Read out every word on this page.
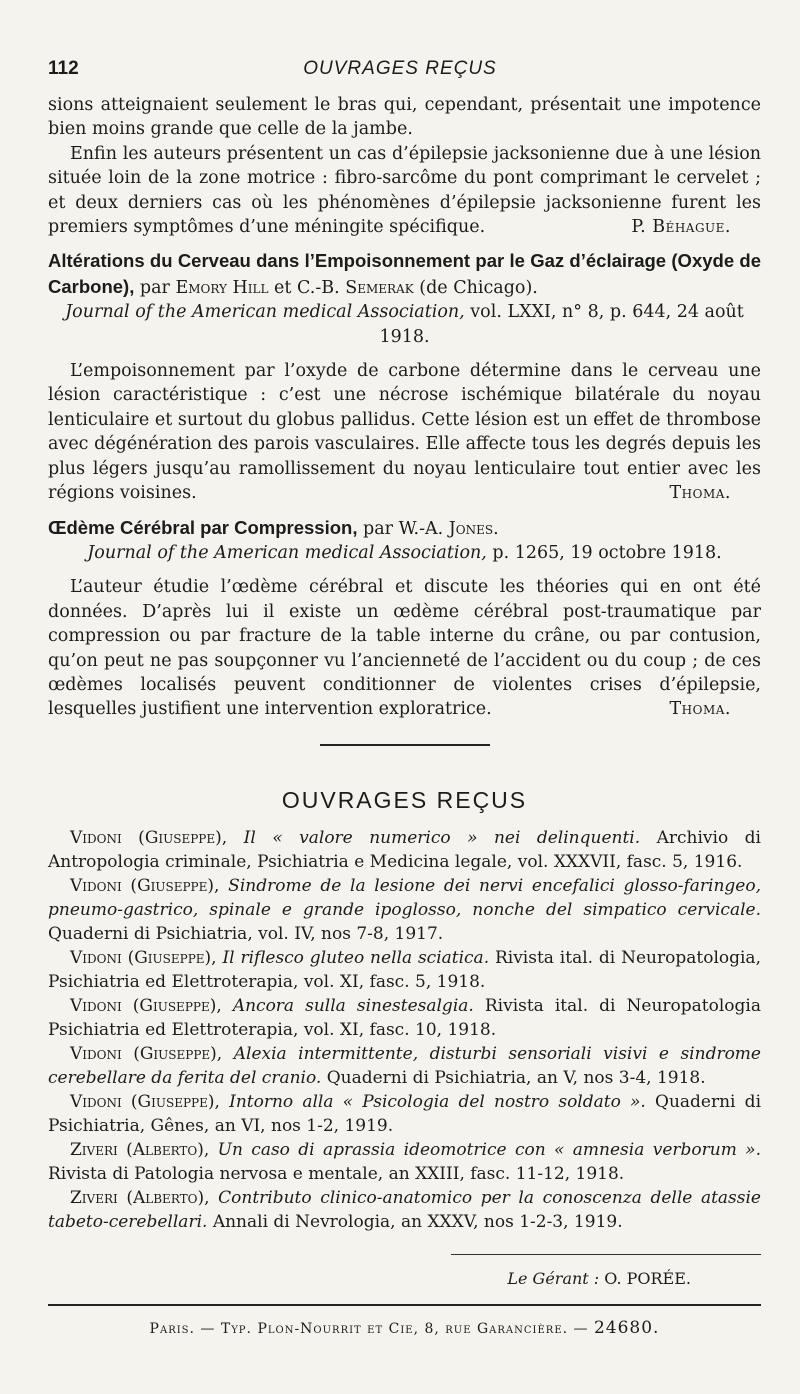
112	OUVRAGES REÇUS

sions atteignaient seulement le bras qui, cependant, présentait une impotence bien moins grande que celle de la jambe.

Enfin les auteurs présentent un cas d’épilepsie jacksonienne due à une lésion située loin de la zone motrice : fibro-sarcôme du pont comprimant le cervelet ; et deux derniers cas où les phénomènes d’épilepsie jacksonienne furent les premiers symptômes d’une méningite spécifique.	P. Béhague.

Altérations du Cerveau dans l’Empoisonnement par le Gaz d’éclairage (Oxyde de Carbone), par Emory Hill et C.-B. Semerak (de Chicago).

Journal of the American medical Association, vol. LXXI, n° 8, p. 644, 24 août 1918.

L’empoisonnement par l’oxyde de carbone détermine dans le cerveau une lésion caractéristique : c’est une nécrose ischémique bilatérale du noyau lenticulaire et surtout du globus pallidus. Cette lésion est un effet de thrombose avec dégénération des parois vasculaires. Elle affecte tous les degrés depuis les plus légers jusqu’au ramollissement du noyau lenticulaire tout entier avec les régions voisines.	Thoma.

Œdème Cérébral par Compression, par W.-A. Jones.

Journal of the American medical Association, p. 1265, 19 octobre 1918.

L’auteur étudie l’œdème cérébral et discute les théories qui en ont été données. D’après lui il existe un œdème cérébral post-traumatique par compression ou par fracture de la table interne du crâne, ou par contusion, qu’on peut ne pas soupçonner vu l’ancienneté de l’accident ou du coup ; de ces œdèmes localisés peuvent conditionner de violentes crises d’épilepsie, lesquelles justifient une intervention exploratrice.	Thoma.
OUVRAGES REÇUS

Vidoni (Giuseppe), Il « valore numerico » nei delinquenti. Archivio di Antropologia criminale, Psichiatria e Medicina legale, vol. XXXVII, fasc. 5, 1916.

Vidoni (Giuseppe), Sindrome de la lesione dei nervi encefalici glosso-faringeo, pneumo-gastrico, spinale e grande ipoglosso, nonche del simpatico cervicale. Quaderni di Psichiatria, vol. IV, nos 7-8, 1917.

Vidoni (Giuseppe), Il riflesco gluteo nella sciatica. Rivista ital. di Neuropatologia, Psichiatria ed Elettroterapia, vol. XI, fasc. 5, 1918.

Vidoni (Giuseppe), Ancora sulla sinestesalgia. Rivista ital. di Neuropatologia Psichiatria ed Elettroterapia, vol. XI, fasc. 10, 1918.

Vidoni (Giuseppe), Alexia intermittente, disturbi sensoriali visivi e sindrome cerebellare da ferita del cranio. Quaderni di Psichiatria, an V, nos 3-4, 1918.

Vidoni (Giuseppe), Intorno alla « Psicologia del nostro soldato ». Quaderni di Psichiatria, Gênes, an VI, nos 1-2, 1919.

Ziveri (Alberto), Un caso di aprassia ideomotrice con « amnesia verborum ». Rivista di Patologia nervosa e mentale, an XXIII, fasc. 11-12, 1918.

Ziveri (Alberto), Contributo clinico-anatomico per la conoscenza delle atassie tabeto-cerebellari. Annali di Nevrologia, an XXXV, nos 1-2-3, 1919.

Le Gérant : O. PORÉE.
Paris. — Typ. Plon-Nourrit et Cie, 8, rue Garancière. — 24680.
